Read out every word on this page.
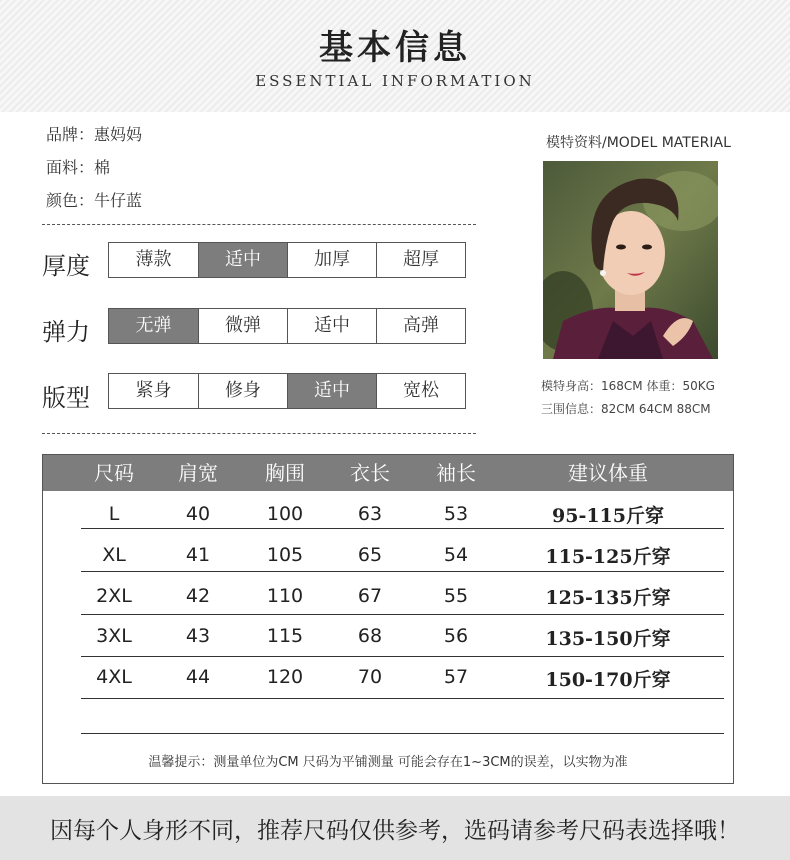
基本信息
ESSENTIAL INFORMATION
品牌：惠妈妈
面料：棉
颜色：牛仔蓝
厚度	薄款	适中	加厚	超厚
弹力	无弹	微弹	适中	高弹
版型	紧身	修身	适中	宽松
模特资料/MODEL MATERIAL
模特身高：168CM 体重：50KG
三围信息：82CM 64CM 88CM
尺码	肩宽	胸围	衣长	袖长	建议体重
L	40	100	63	53	95-115斤穿
XL	41	105	65	54	115-125斤穿
2XL	42	110	67	55	125-135斤穿
3XL	43	115	68	56	135-150斤穿
4XL	44	120	70	57	150-170斤穿
温馨提示：测量单位为CM 尺码为平铺测量 可能会存在1~3CM的误差，以实物为准
因每个人身形不同，推荐尺码仅供参考，选码请参考尺码表选择哦！
